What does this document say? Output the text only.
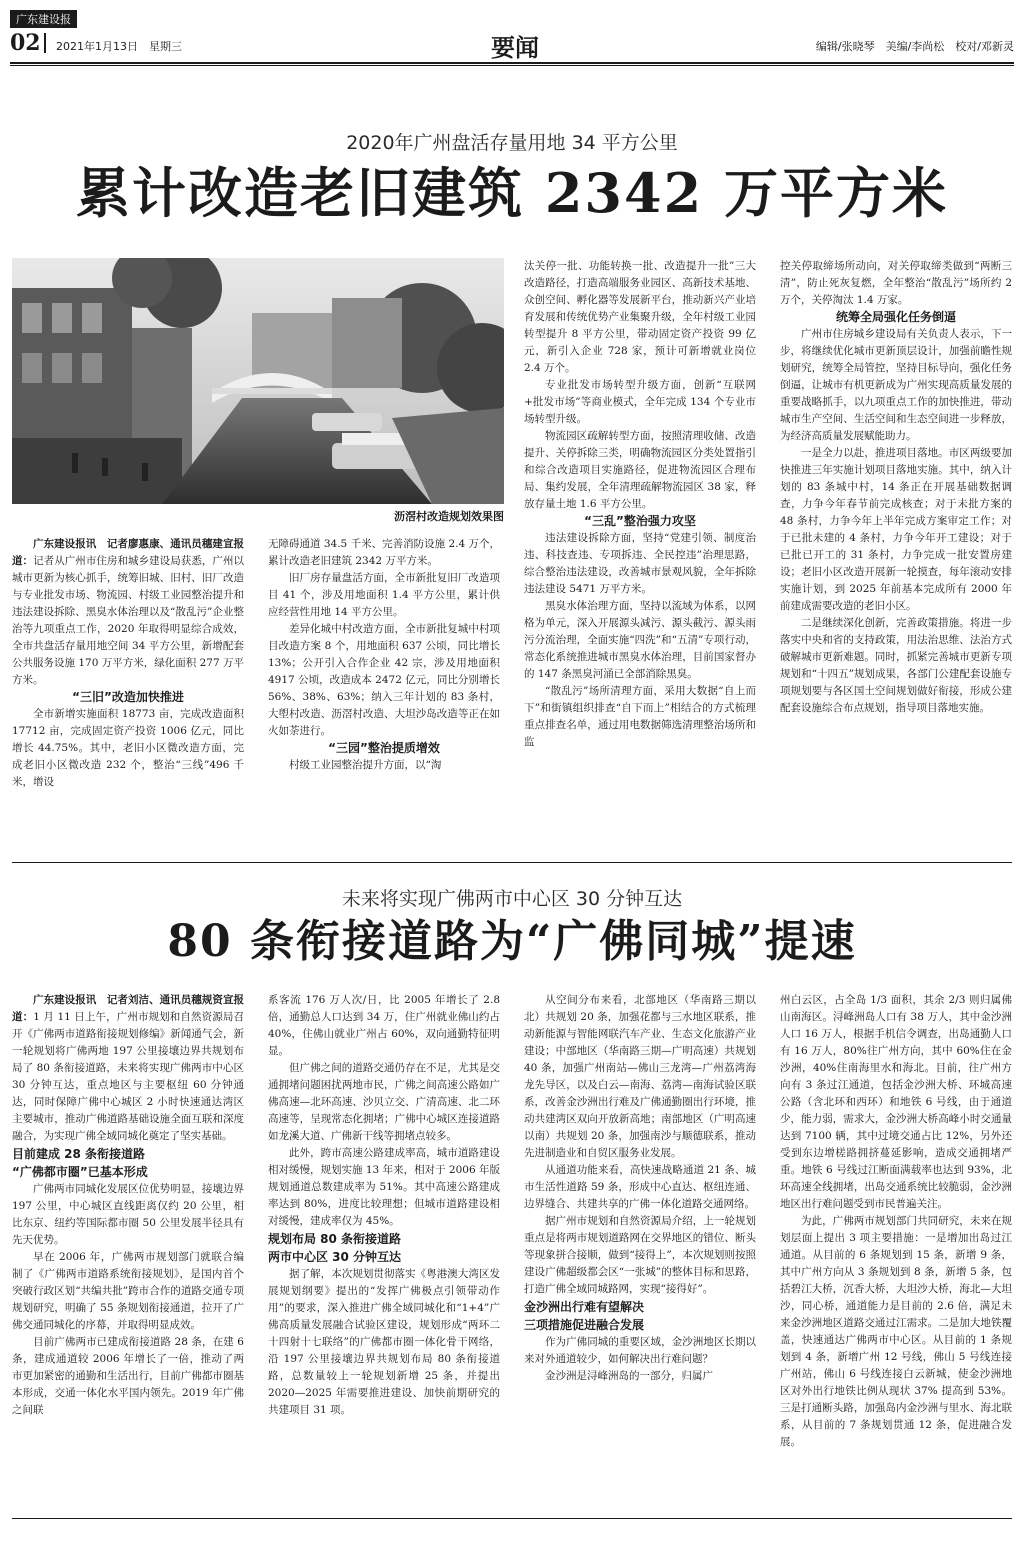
广东建设报
02 2021年1月13日　星期三	要闻	编辑/张晓琴　美编/李尚松　校对/邓新灵
2020年广州盘活存量用地 34 平方公里
累计改造老旧建筑 2342 万平方米
沥滘村改造规划效果图

广东建设报讯　记者廖惠康、通讯员穗建宣报道：记者从广州市住房和城乡建设局获悉，广州以城市更新为核心抓手，统筹旧城、旧村、旧厂改造与专业批发市场、物流园、村级工业园整治提升和违法建设拆除、黑臭水体治理以及“散乱污”企业整治等九项重点工作，2020 年取得明显综合成效，全市共盘活存量用地空间 34 平方公里，新增配套公共服务设施 170 万平方米，绿化面积 277 万平方米。

“三旧”改造加快推进

全市新增实施面积 18773 亩，完成改造面积 17712 亩，完成固定资产投资 1006 亿元，同比增长 44.75%。其中，老旧小区微改造方面，完成老旧小区微改造 232 个，整治“三线”496 千米，增设

无障碍通道 34.5 千米、完善消防设施 2.4 万个，累计改造老旧建筑 2342 万平方米。

旧厂房存量盘活方面，全市新批复旧厂改造项目 41 个，涉及用地面积 1.4 平方公里，累计供应经营性用地 14 平方公里。

差异化城中村改造方面，全市新批复城中村项目改造方案 8 个，用地面积 637 公顷，同比增长 13%；公开引入合作企业 42 宗，涉及用地面积 4917 公顷，改造成本 2472 亿元，同比分别增长 56%、38%、63%；纳入三年计划的 83 条村，大塱村改造、沥滘村改造、大坦沙岛改造等正在如火如荼进行。

“三园”整治提质增效

村级工业园整治提升方面，以“淘

汰关停一批、功能转换一批、改造提升一批”三大改造路径，打造高端服务业园区、高新技术基地、众创空间、孵化器等发展新平台，推动新兴产业培育发展和传统优势产业集聚升级，全年村级工业园转型提升 8 平方公里，带动固定资产投资 99 亿元，新引入企业 728 家，预计可新增就业岗位 2.4 万个。

专业批发市场转型升级方面，创新“互联网+批发市场”等商业模式，全年完成 134 个专业市场转型升级。

物流园区疏解转型方面，按照清理收储、改造提升、关停拆除三类，明确物流园区分类处置指引和综合改造项目实施路径，促进物流园区合理布局、集约发展，全年清理疏解物流园区 38 家，释放存量土地 1.6 平方公里。

“三乱”整治强力攻坚

违法建设拆除方面，坚持“党建引领、制度治违、科技查违、专项拆违、全民控违”治理思路，综合整治违法建设，改善城市景观风貌，全年拆除违法建设 5471 万平方米。

黑臭水体治理方面，坚持以流域为体系，以网格为单元，深入开展源头减污、源头截污、源头雨污分流治理，全面实施“四洗”和“五清”专项行动，常态化系统推进城市黑臭水体治理，目前国家督办的 147 条黑臭河涌已全部消除黑臭。

“散乱污”场所清理方面，采用大数据“自上而下”和街镇组织排查“自下而上”相结合的方式梳理重点排查名单，通过用电数据筛选清理整治场所和监

控关停取缔场所动向，对关停取缔类做到“两断三清”，防止死灰复燃，全年整治“散乱污”场所约 2 万个，关停淘汰 1.4 万家。

统筹全局强化任务倒逼

广州市住房城乡建设局有关负责人表示，下一步，将继续优化城市更新顶层设计，加强前瞻性规划研究，统筹全局管控，坚持目标导向，强化任务倒逼，让城市有机更新成为广州实现高质量发展的重要战略抓手，以九项重点工作的加快推进，带动城市生产空间、生活空间和生态空间进一步释放，为经济高质量发展赋能助力。

一是全力以赴，推进项目落地。市区两级要加快推进三年实施计划项目落地实施。其中，纳入计划的 83 条城中村，14 条正在开展基础数据调查，力争今年春节前完成核查；对于未批方案的 48 条村，力争今年上半年完成方案审定工作；对于已批未建的 4 条村，力争今年开工建设；对于已批已开工的 31 条村，力争完成一批安置房建设；老旧小区改造开展新一轮摸查，每年滚动安排实施计划，到 2025 年前基本完成所有 2000 年前建成需要改造的老旧小区。

二是继续深化创新，完善政策措施。将进一步落实中央和省的支持政策，用法治思维、法治方式破解城市更新难题。同时，抓紧完善城市更新专项规划和“十四五”规划成果，各部门公建配套设施专项规划要与各区国土空间规划做好衔接，形成公建配套设施综合布点规划，指导项目落地实施。

未来将实现广佛两市中心区 30 分钟互达
80 条衔接道路为“广佛同城”提速

广东建设报讯　记者刘洁、通讯员穗规资宣报道：1 月 11 日上午，广州市规划和自然资源局召开《广佛两市道路衔接规划修编》新闻通气会，新一轮规划将广佛两地 197 公里接壤边界共规划布局了 80 条衔接道路，未来将实现广佛两市中心区 30 分钟互达，重点地区与主要枢纽 60 分钟通达，同时保障广佛中心城区 2 小时快速通达湾区主要城市，推动广佛道路基础设施全面互联和深度融合，为实现广佛全域同城化奠定了坚实基础。

目前建成 28 条衔接道路
“广佛都市圈”已基本形成

广佛两市同城化发展区位优势明显，接壤边界 197 公里，中心城区直线距离仅约 20 公里，相比东京、纽约等国际都市圈 50 公里发展半径具有先天优势。

早在 2006 年，广佛两市规划部门就联合编制了《广佛两市道路系统衔接规划》，是国内首个突破行政区划“共编共批”跨市合作的道路交通专项规划研究，明确了 55 条规划衔接通道，拉开了广佛交通同城化的序幕，并取得明显成效。

目前广佛两市已建成衔接道路 28 条，在建 6 条，建成通道较 2006 年增长了一倍，推动了两市更加紧密的通勤和生活出行，目前广佛都市圈基本形成，交通一体化水平国内领先。2019 年广佛之间联

系客流 176 万人次/日，比 2005 年增长了 2.8 倍，通勤总人口达到 34 万，住广州就业佛山约占 40%，住佛山就业广州占 60%，双向通勤特征明显。

但广佛之间的道路交通仍存在不足，尤其是交通拥堵问题困扰两地市民，广佛之间高速公路如广佛高速—北环高速、沙贝立交、广清高速、北二环高速等，呈现常态化拥堵；广佛中心城区连接道路如龙溪大道、广佛新干线等拥堵点较多。

此外，跨市高速公路建成率高，城市道路建设相对缓慢，规划实施 13 年来，相对于 2006 年版规划通道总数建成率为 51%。其中高速公路建成率达到 80%，进度比较理想；但城市道路建设相对缓慢，建成率仅为 45%。

规划布局 80 条衔接道路
两市中心区 30 分钟互达

据了解，本次规划贯彻落实《粤港澳大湾区发展规划纲要》提出的“发挥广佛极点引领带动作用”的要求，深入推进广佛全域同城化和“1+4”广佛高质量发展融合试验区建设，规划形成“两环二十四射十七联络”的广佛都市圈一体化骨干网络，沿 197 公里接壤边界共规划布局 80 条衔接道路，总数量较上一轮规划新增 25 条，并提出 2020—2025 年需要推进建设、加快前期研究的共建项目 31 项。

从空间分布来看，北部地区（华南路三期以北）共规划 20 条，加强花都与三水地区联系，推动新能源与智能网联汽车产业、生态文化旅游产业建设；中部地区（华南路三期—广明高速）共规划 40 条，加强广州南站—佛山三龙湾—广州荔湾海龙先导区，以及白云—南海、荔湾—南海试验区联系，改善金沙洲出行难及广佛通勤圈出行环境，推动共建湾区双向开放新高地；南部地区（广明高速以南）共规划 20 条，加强南沙与顺德联系，推动先进制造业和自贸区服务业发展。

从通道功能来看，高快速战略通道 21 条、城市生活性道路 59 条，形成中心直达、枢纽连通、边界缝合、共建共享的广佛一体化道路交通网络。

据广州市规划和自然资源局介绍，上一轮规划重点是将两市规划道路网在交界地区的错位、断头等现象拼合接顺，做到“接得上”，本次规划则按照建设广佛超级都会区“一张城”的整体目标和思路，打造广佛全域同城路网，实现“接得好”。

金沙洲出行难有望解决
三项措施促进融合发展

作为广佛同城的重要区域，金沙洲地区长期以来对外通道较少，如何解决出行难问题？

金沙洲是浔峰洲岛的一部分，归属广

州白云区，占全岛 1/3 面积，其余 2/3 则归属佛山南海区。浔峰洲岛人口有 38 万人，其中金沙洲人口 16 万人，根据手机信令调查，出岛通勤人口有 16 万人，80%往广州方向，其中 60%住在金沙洲，40%住南海里水和海北。目前，往广州方向有 3 条过江通道，包括金沙洲大桥、环城高速公路（含北环和西环）和地铁 6 号线，由于通道少，能力弱，需求大，金沙洲大桥高峰小时交通量达到 7100 辆，其中过境交通占比 12%，另外还受到东边增槎路拥挤蔓延影响，造成交通拥堵严重。地铁 6 号线过江断面满载率也达到 93%，北环高速全线拥堵，出岛交通系统比较脆弱，金沙洲地区出行难问题受到市民普遍关注。

为此，广佛两市规划部门共同研究，未来在规划层面上提出 3 项主要措施：一是增加出岛过江通道。从目前的 6 条规划到 15 条，新增 9 条，其中广州方向从 3 条规划到 8 条，新增 5 条，包括碧江大桥，沉香大桥，大坦沙大桥，海北—大坦沙，同心桥，通道能力是目前的 2.6 倍，满足未来金沙洲地区道路交通过江需求。二是加大地铁覆盖，快速通达广佛两市中心区。从目前的 1 条规划到 4 条，新增广州 12 号线，佛山 5 号线连接广州站，佛山 6 号线连接白云新城，使金沙洲地区对外出行地铁比例从现状 37% 提高到 53%。三是打通断头路，加强岛内金沙洲与里水、海北联系，从目前的 7 条规划贯通 12 条，促进融合发展。
